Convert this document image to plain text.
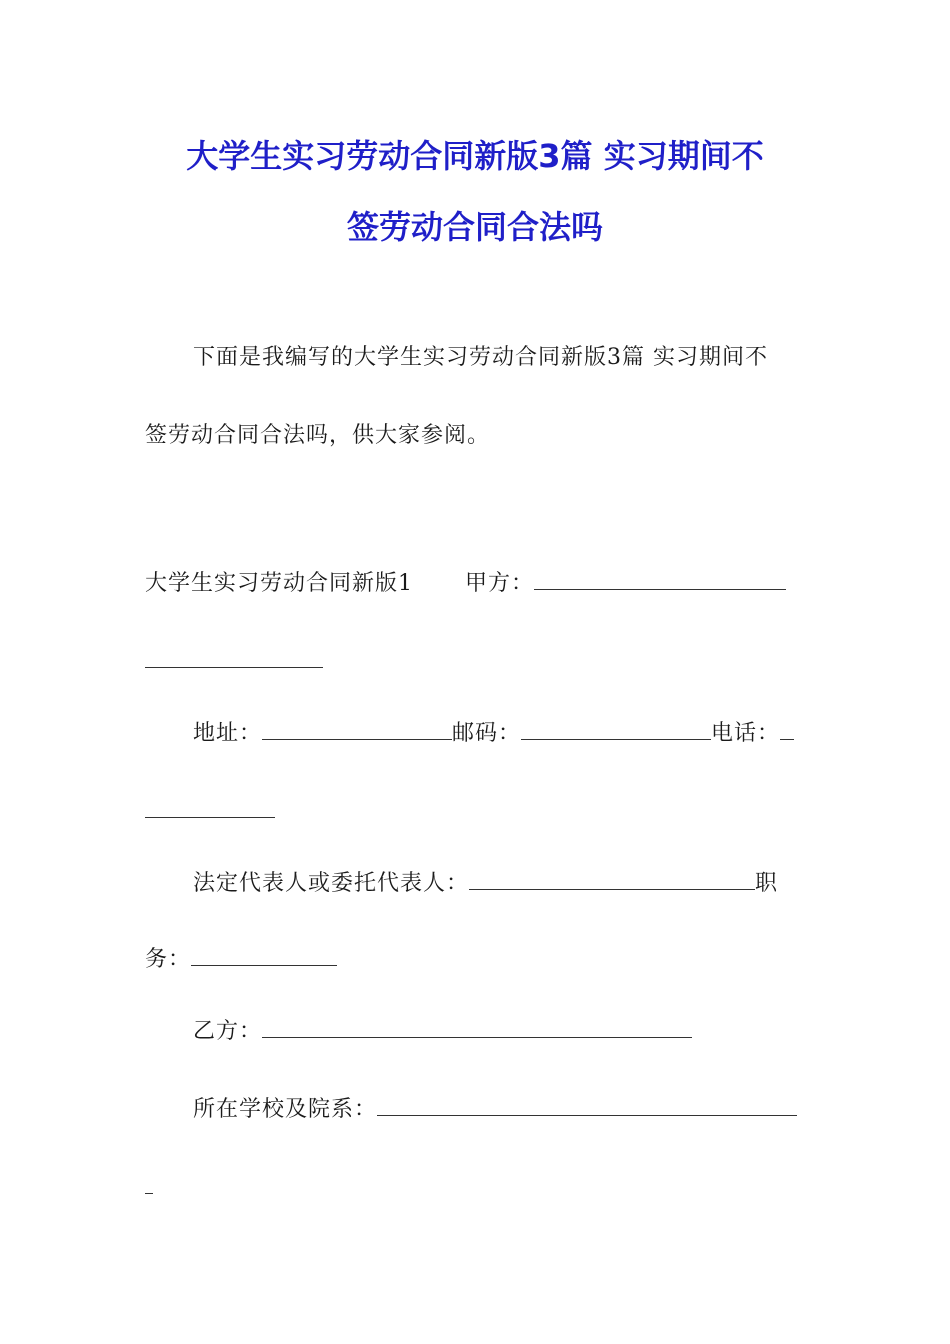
大学生实习劳动合同新版3篇 实习期间不
签劳动合同合法吗

下面是我编写的大学生实习劳动合同新版3篇 实习期间不

签劳动合同合法吗，供大家参阅。

大学生实习劳动合同新版1 甲方：
地址：	邮码：	电话：
法定代表人或委托代表人：	职
务：
乙方：
所在学校及院系：
